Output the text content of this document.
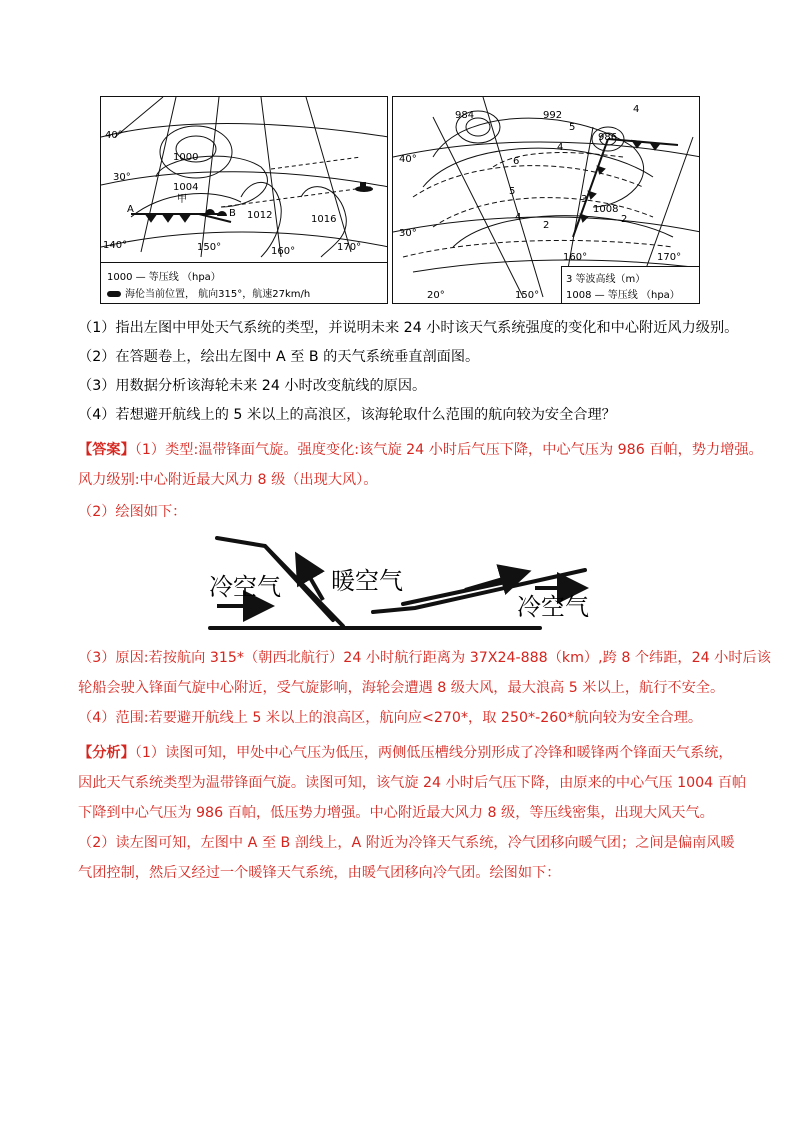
40°
30°
140°
1000
1004
1012	1016
150°	160°	170°
甲
A	B
1000 — 等压线 （hpa）
海伦当前位置， 航向315°，航速27km/h
984	992
986
1008
4
5
4
6
5
4
3
2
2
40°
30°
20°	150°
160°	170°
3 等波高线（m）
1008 — 等压线 （hpa）
（1）指出左图中甲处天气系统的类型，并说明未来 24 小时该天气系统强度的变化和中心附近风力级别。
（2）在答题卷上，绘出左图中 A 至 B 的天气系统垂直剖面图。
（3）用数据分析该海轮未来 24 小时改变航线的原因。
（4）若想避开航线上的 5 米以上的高浪区，该海轮取什么范围的航向较为安全合理？
【答案】（1）类型:温带锋面气旋。强度变化:该气旋 24 小时后气压下降，中心气压为 986 百帕，势力增强。
风力级别:中心附近最大风力 8 级（出现大风）。
（2）绘图如下：
冷空气 暖空气
冷空气
（3）原因:若按航向 315*（朝西北航行）24 小时航行距离为 37X24-888（km）,跨 8 个纬距，24 小时后该
轮船会驶入锋面气旋中心附近，受气旋影响，海轮会遭遇 8 级大风，最大浪高 5 米以上，航行不安全。
（4）范围:若要避开航线上 5 米以上的浪高区，航向应<270*，取 250*-260*航向较为安全合理。
【分析】（1）读图可知，甲处中心气压为低压，两侧低压槽线分别形成了冷锋和暖锋两个锋面天气系统，
因此天气系统类型为温带锋面气旋。读图可知，该气旋 24 小时后气压下降，由原来的中心气压 1004 百帕
下降到中心气压为 986 百帕，低压势力增强。中心附近最大风力 8 级，等压线密集，出现大风天气。
（2）读左图可知，左图中 A 至 B 剖线上，A 附近为冷锋天气系统，冷气团移向暖气团；之间是偏南风暖
气团控制，然后又经过一个暖锋天气系统，由暖气团移向冷气团。绘图如下：
